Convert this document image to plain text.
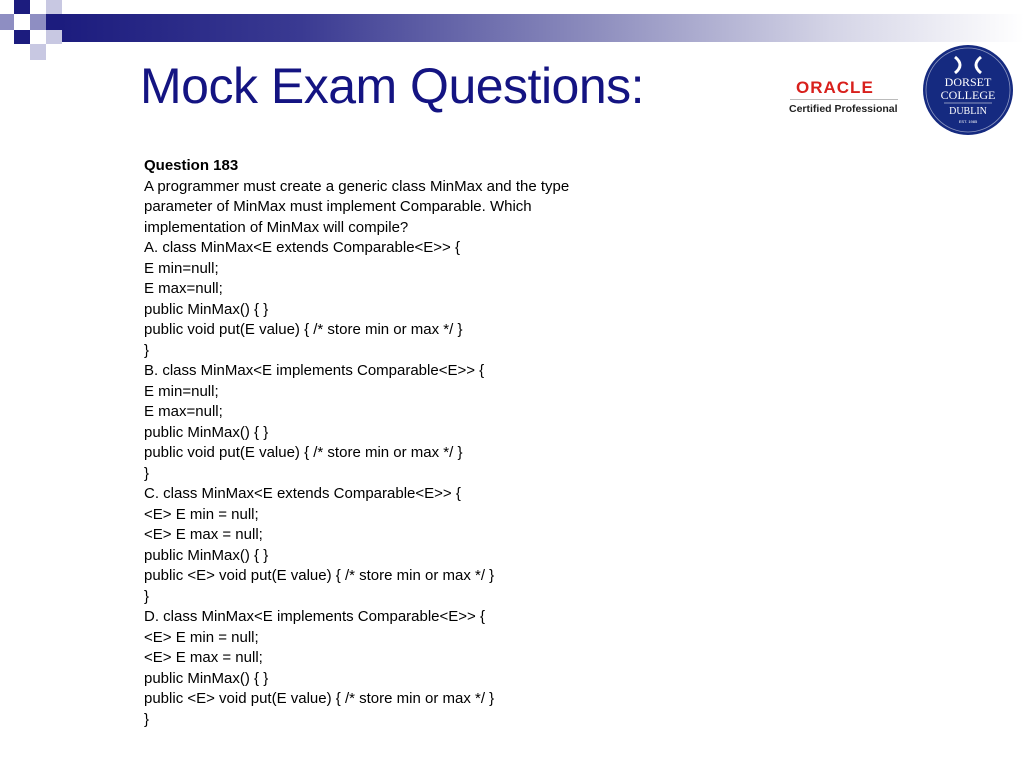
Mock Exam Questions:	ORACLE
Certified Professional
DORSET
COLLEGE
DUBLIN
EST. 1985
Question 183
A programmer must create a generic class MinMax and the type
parameter of MinMax must implement Comparable. Which
implementation of MinMax will compile?
A. class MinMax<E extends Comparable<E>> {
E min=null;
E max=null;
public MinMax() { }
public void put(E value) { /* store min or max */ }
}
B. class MinMax<E implements Comparable<E>> {
E min=null;
E max=null;
public MinMax() { }
public void put(E value) { /* store min or max */ }
}
C. class MinMax<E extends Comparable<E>> {
<E> E min = null;
<E> E max = null;
public MinMax() { }
public <E> void put(E value) { /* store min or max */ }
}
D. class MinMax<E implements Comparable<E>> {
<E> E min = null;
<E> E max = null;
public MinMax() { }
public <E> void put(E value) { /* store min or max */ }
}
